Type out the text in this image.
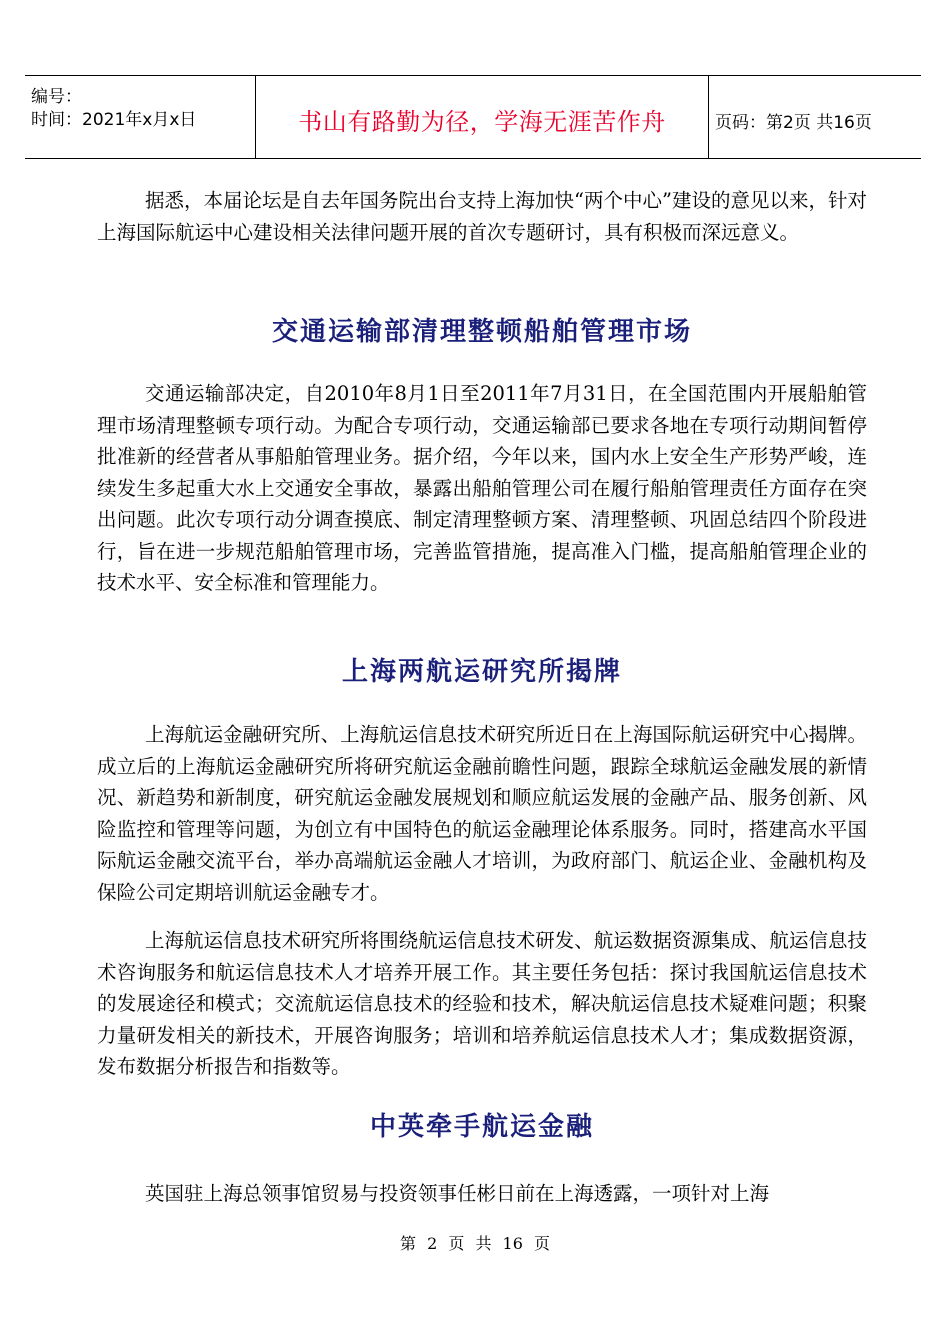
编号：
时间：2021年x月x日	书山有路勤为径，学海无涯苦作舟	页码：第2页 共16页
据悉，本届论坛是自去年国务院出台支持上海加快“两个中心”建设的意见以来，针对上海国际航运中心建设相关法律问题开展的首次专题研讨，具有积极而深远意义。
交通运输部清理整顿船舶管理市场
交通运输部决定，自2010年8月1日至2011年7月31日，在全国范围内开展船舶管理市场清理整顿专项行动。为配合专项行动，交通运输部已要求各地在专项行动期间暂停批准新的经营者从事船舶管理业务。据介绍，今年以来，国内水上安全生产形势严峻，连续发生多起重大水上交通安全事故，暴露出船舶管理公司在履行船舶管理责任方面存在突出问题。此次专项行动分调查摸底、制定清理整顿方案、清理整顿、巩固总结四个阶段进行，旨在进一步规范船舶管理市场，完善监管措施，提高准入门槛，提高船舶管理企业的技术水平、安全标准和管理能力。
上海两航运研究所揭牌
上海航运金融研究所、上海航运信息技术研究所近日在上海国际航运研究中心揭牌。成立后的上海航运金融研究所将研究航运金融前瞻性问题，跟踪全球航运金融发展的新情况、新趋势和新制度，研究航运金融发展规划和顺应航运发展的金融产品、服务创新、风险监控和管理等问题，为创立有中国特色的航运金融理论体系服务。同时，搭建高水平国际航运金融交流平台，举办高端航运金融人才培训，为政府部门、航运企业、金融机构及保险公司定期培训航运金融专才。
上海航运信息技术研究所将围绕航运信息技术研发、航运数据资源集成、航运信息技术咨询服务和航运信息技术人才培养开展工作。其主要任务包括：探讨我国航运信息技术的发展途径和模式；交流航运信息技术的经验和技术，解决航运信息技术疑难问题；积聚力量研发相关的新技术，开展咨询服务；培训和培养航运信息技术人才；集成数据资源，发布数据分析报告和指数等。
中英牵手航运金融
英国驻上海总领事馆贸易与投资领事任彬日前在上海透露，一项针对上海
第 2 页 共 16 页
